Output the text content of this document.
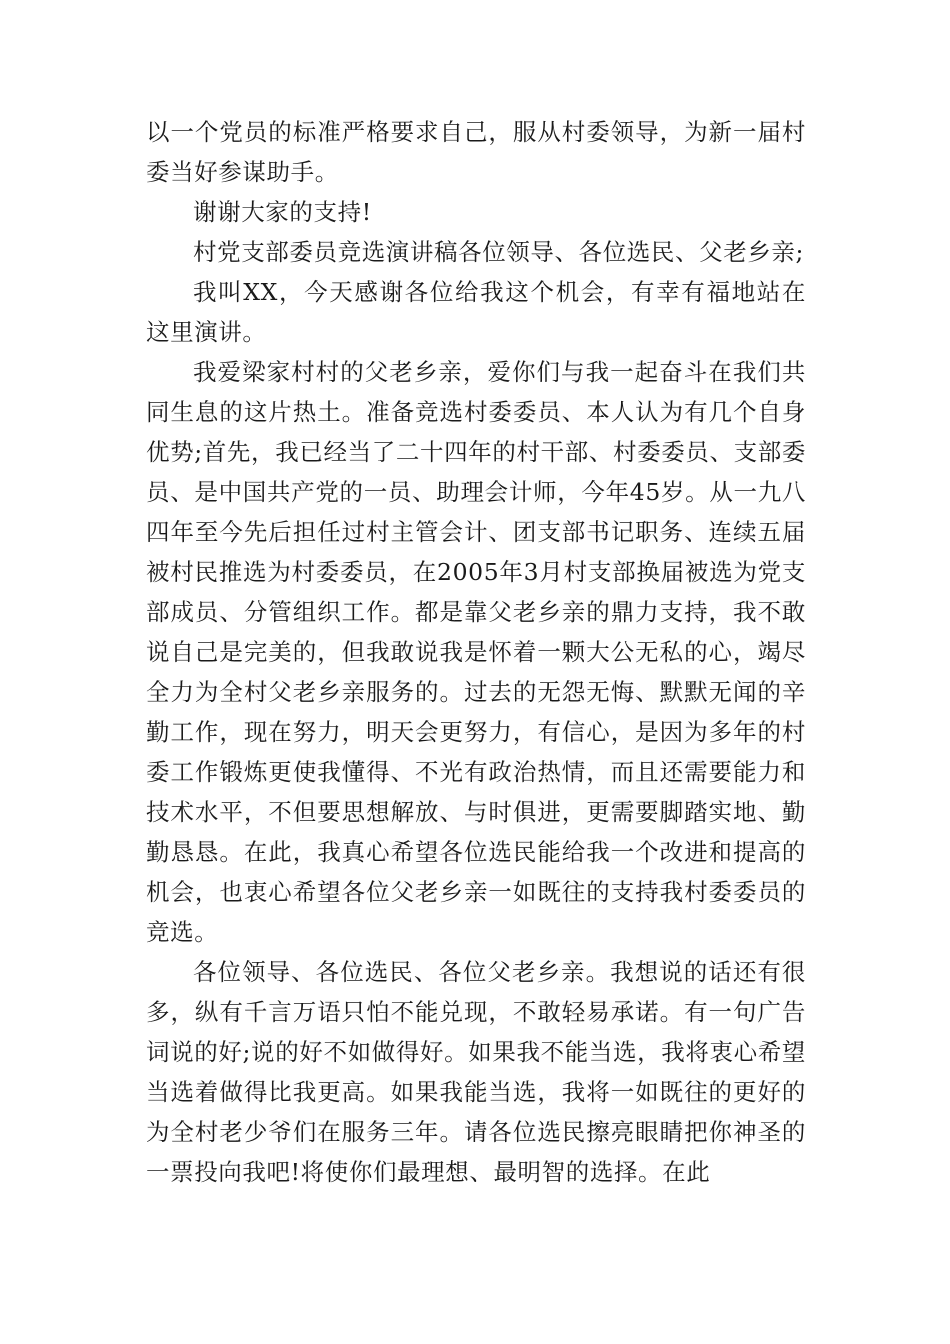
以一个党员的标准严格要求自己，服从村委领导，为新一届村委当好参谋助手。

谢谢大家的支持!

村党支部委员竞选演讲稿各位领导、各位选民、父老乡亲;

我叫XX，今天感谢各位给我这个机会，有幸有福地站在这里演讲。

我爱梁家村村的父老乡亲，爱你们与我一起奋斗在我们共同生息的这片热土。准备竞选村委委员、本人认为有几个自身优势;首先，我已经当了二十四年的村干部、村委委员、支部委员、是中国共产党的一员、助理会计师，今年45岁。从一九八四年至今先后担任过村主管会计、团支部书记职务、连续五届被村民推选为村委委员，在2005年3月村支部换届被选为党支部成员、分管组织工作。都是靠父老乡亲的鼎力支持，我不敢说自己是完美的，但我敢说我是怀着一颗大公无私的心，竭尽全力为全村父老乡亲服务的。过去的无怨无悔、默默无闻的辛勤工作，现在努力，明天会更努力，有信心，是因为多年的村委工作锻炼更使我懂得、不光有政治热情，而且还需要能力和技术水平，不但要思想解放、与时俱进，更需要脚踏实地、勤勤恳恳。在此，我真心希望各位选民能给我一个改进和提高的机会，也衷心希望各位父老乡亲一如既往的支持我村委委员的竞选。

各位领导、各位选民、各位父老乡亲。我想说的话还有很多，纵有千言万语只怕不能兑现，不敢轻易承诺。有一句广告词说的好;说的好不如做得好。如果我不能当选，我将衷心希望当选着做得比我更高。如果我能当选，我将一如既往的更好的为全村老少爷们在服务三年。请各位选民擦亮眼睛把你神圣的一票投向我吧!将使你们最理想、最明智的选择。在此
